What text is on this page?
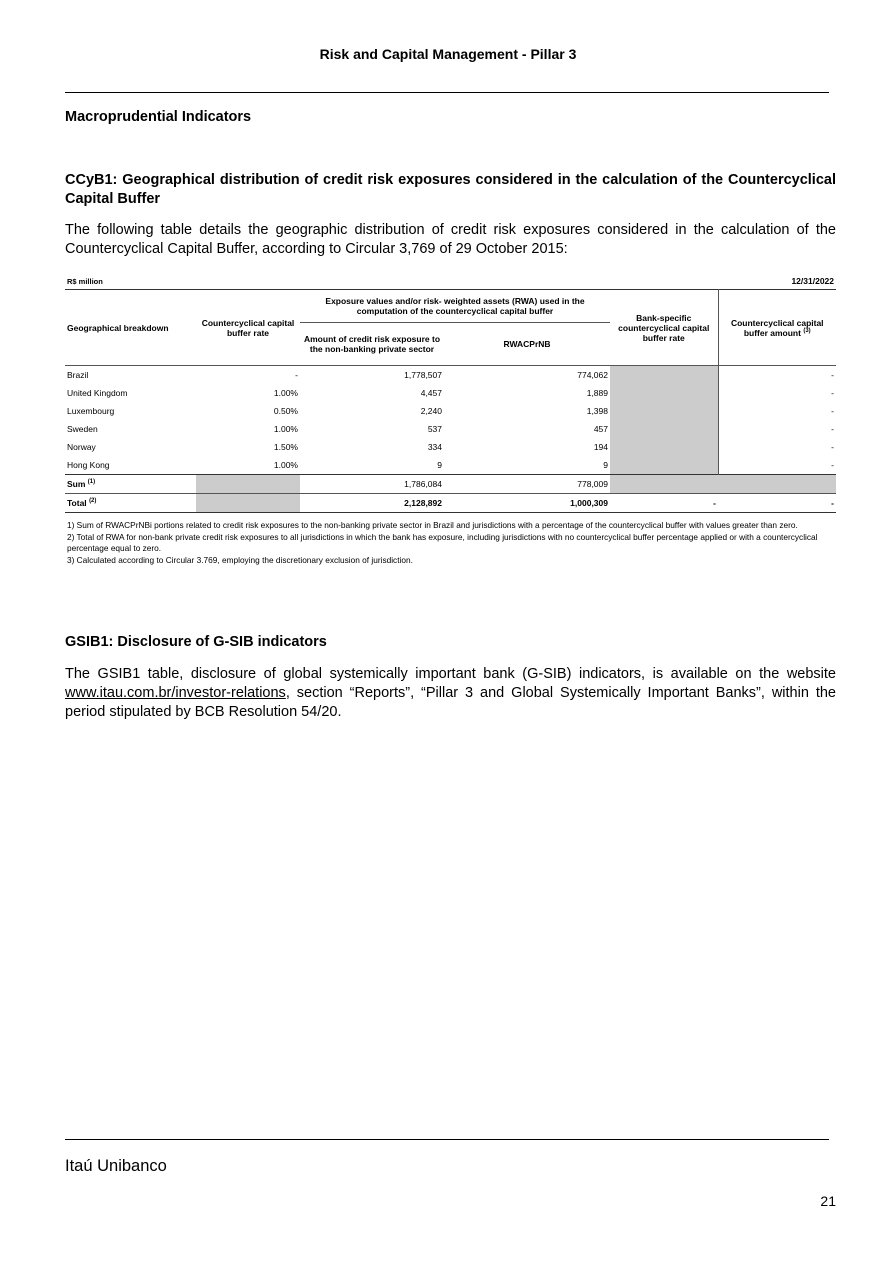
Risk and Capital Management - Pillar 3
Macroprudential Indicators
CCyB1: Geographical distribution of credit risk exposures considered in the calculation of the Countercyclical Capital Buffer
The following table details the geographic distribution of credit risk exposures considered in the calculation of the Countercyclical Capital Buffer, according to Circular 3,769 of 29 October 2015:
R$ million	12/31/2022
Geographical breakdown	Countercyclical capital buffer rate	Exposure values and/or risk- weighted assets (RWA) used in the computation of the countercyclical capital buffer		Bank-specific countercyclical capital buffer rate	Countercyclical capital buffer amount $^{(3)}$
		Amount of credit risk exposure to the non-banking private sector	RWACPrNB		
Brazil	-	1,778,507	774,062		-
United Kingdom	1.00%	4,457	1,889		-
Luxembourg	0.50%	2,240	1,398		-
Sweden	1.00%	537	457		-
Norway	1.50%	334	194		-
Hong Kong	1.00%	9	9		-
Sum $^{(1)}$		1,786,084	778,009		
Total $^{(2)}$		2,128,892	1,000,309	-	-

1) Sum of RWACPrNBi portions related to credit risk exposures to the non-banking private sector in Brazil and jurisdictions with a percentage of the countercyclical buffer with values greater than zero.

2) Total of RWA for non-bank private credit risk exposures to all jurisdictions in which the bank has exposure, including jurisdictions with no countercyclical buffer percentage applied or with a countercyclical percentage equal to zero.

3) Calculated according to Circular 3.769, employing the discretionary exclusion of jurisdiction.

GSIB1: Disclosure of G-SIB indicators
The GSIB1 table, disclosure of global systemically important bank (G-SIB) indicators, is available on the website www.itau.com.br/investor-relations, section “Reports”, “Pillar 3 and Global Systemically Important Banks”, within the period stipulated by BCB Resolution 54/20.
Itaú Unibanco
21
